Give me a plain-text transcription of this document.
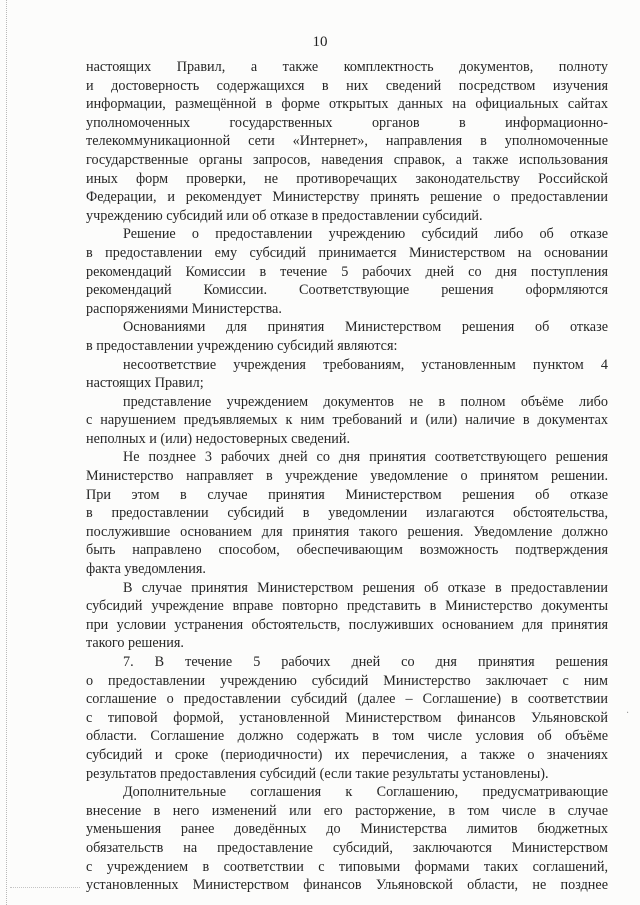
10
настоящих Правил, а также комплектность документов, полноту
и достоверность содержащихся в них сведений посредством изучения
информации, размещённой в форме открытых данных на официальных сайтах
уполномоченных государственных органов в информационно-
телекоммуникационной сети «Интернет», направления в уполномоченные
государственные органы запросов, наведения справок, а также использования
иных форм проверки, не противоречащих законодательству Российской
Федерации, и рекомендует Министерству принять решение о предоставлении
учреждению субсидий или об отказе в предоставлении субсидий.
Решение о предоставлении учреждению субсидий либо об отказе
в предоставлении ему субсидий принимается Министерством на основании
рекомендаций Комиссии в течение 5 рабочих дней со дня поступления
рекомендаций Комиссии. Соответствующие решения оформляются
распоряжениями Министерства.
Основаниями для принятия Министерством решения об отказе
в предоставлении учреждению субсидий являются:
несоответствие учреждения требованиям, установленным пунктом 4
настоящих Правил;
представление учреждением документов не в полном объёме либо
с нарушением предъявляемых к ним требований и (или) наличие в документах
неполных и (или) недостоверных сведений.
Не позднее 3 рабочих дней со дня принятия соответствующего решения
Министерство направляет в учреждение уведомление о принятом решении.
При этом в случае принятия Министерством решения об отказе
в предоставлении субсидий в уведомлении излагаются обстоятельства,
послужившие основанием для принятия такого решения. Уведомление должно
быть направлено способом, обеспечивающим возможность подтверждения
факта уведомления.
В случае принятия Министерством решения об отказе в предоставлении
субсидий учреждение вправе повторно представить в Министерство документы
при условии устранения обстоятельств, послуживших основанием для принятия
такого решения.
7. В течение 5 рабочих дней со дня принятия решения
о предоставлении учреждению субсидий Министерство заключает с ним
соглашение о предоставлении субсидий (далее – Соглашение) в соответствии
с типовой формой, установленной Министерством финансов Ульяновской
области. Соглашение должно содержать в том числе условия об объёме
субсидий и сроке (периодичности) их перечисления, а также о значениях
результатов предоставления субсидий (если такие результаты установлены).
Дополнительные соглашения к Соглашению, предусматривающие
внесение в него изменений или его расторжение, в том числе в случае
уменьшения ранее доведённых до Министерства лимитов бюджетных
обязательств на предоставление субсидий, заключаются Министерством
с учреждением в соответствии с типовыми формами таких соглашений,
установленных Министерством финансов Ульяновской области, не позднее
·
